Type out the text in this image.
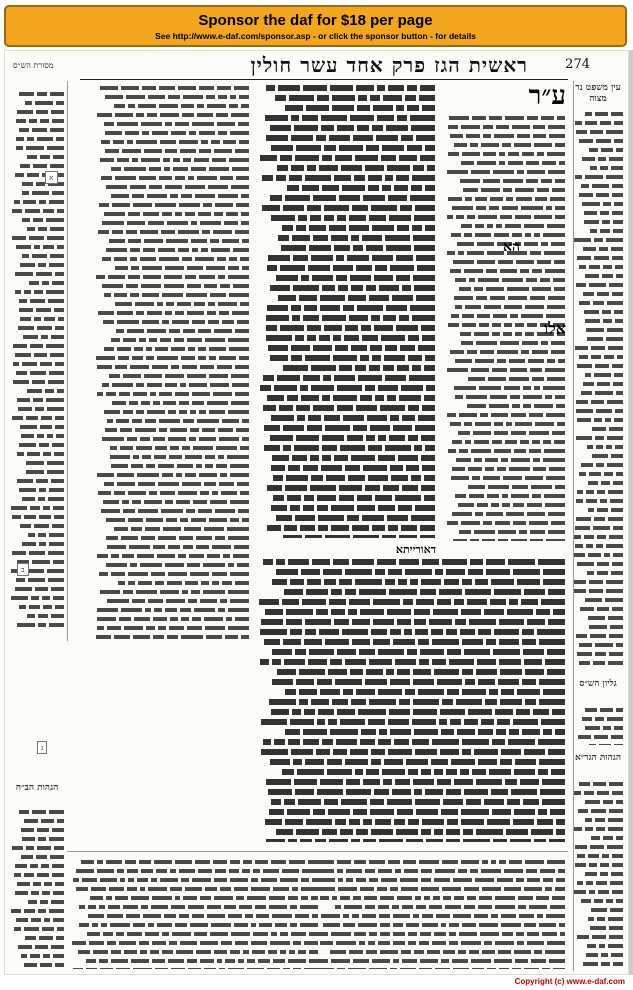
Sponsor the daf for $18 per page
See http://www.e-daf.com/sponsor.asp - or click the sponsor button - for details
ראשית הגז פרק אחד עשר חולין	274
מסורת הש״ס
עין משפט נר מצוה
גליון הש״ס
הגהות הגר״א
ע״ר
הא
אלו
דאורייתא
א
ב
ג
הגהות הב״ח
Copyright (c) www.e-daf.com
